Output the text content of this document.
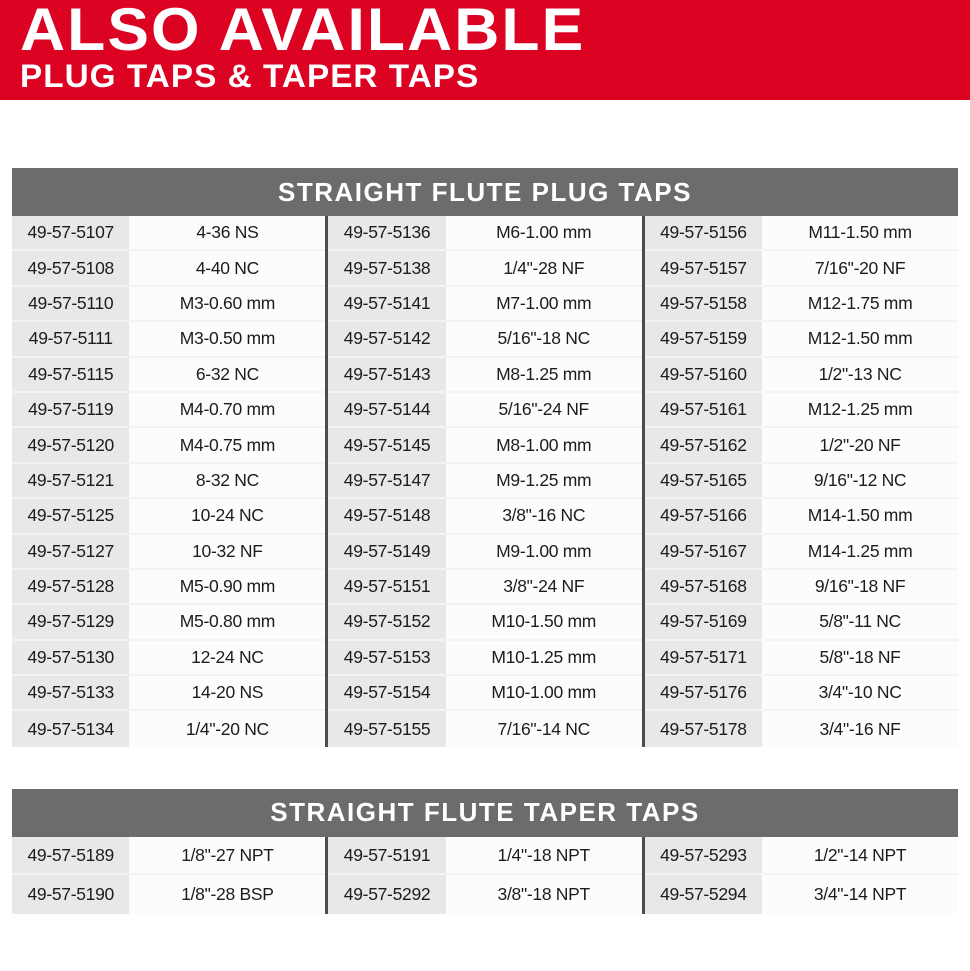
ALSO AVAILABLE
PLUG TAPS & TAPER TAPS
STRAIGHT FLUTE PLUG TAPS
49-57-5107	4-36 NS
49-57-5108	4-40 NC
49-57-5110	M3-0.60 mm
49-57-5111	M3-0.50 mm
49-57-5115	6-32 NC
49-57-5119	M4-0.70 mm
49-57-5120	M4-0.75 mm
49-57-5121	8-32 NC
49-57-5125	10-24 NC
49-57-5127	10-32 NF
49-57-5128	M5-0.90 mm
49-57-5129	M5-0.80 mm
49-57-5130	12-24 NC
49-57-5133	14-20 NS
49-57-5134	1/4"-20 NC
49-57-5136	M6-1.00 mm
49-57-5138	1/4"-28 NF
49-57-5141	M7-1.00 mm
49-57-5142	5/16"-18 NC
49-57-5143	M8-1.25 mm
49-57-5144	5/16"-24 NF
49-57-5145	M8-1.00 mm
49-57-5147	M9-1.25 mm
49-57-5148	3/8"-16 NC
49-57-5149	M9-1.00 mm
49-57-5151	3/8"-24 NF
49-57-5152	M10-1.50 mm
49-57-5153	M10-1.25 mm
49-57-5154	M10-1.00 mm
49-57-5155	7/16"-14 NC
49-57-5156	M11-1.50 mm
49-57-5157	7/16"-20 NF
49-57-5158	M12-1.75 mm
49-57-5159	M12-1.50 mm
49-57-5160	1/2"-13 NC
49-57-5161	M12-1.25 mm
49-57-5162	1/2"-20 NF
49-57-5165	9/16"-12 NC
49-57-5166	M14-1.50 mm
49-57-5167	M14-1.25 mm
49-57-5168	9/16"-18 NF
49-57-5169	5/8"-11 NC
49-57-5171	5/8"-18 NF
49-57-5176	3/4"-10 NC
49-57-5178	3/4"-16 NF
STRAIGHT FLUTE TAPER TAPS
49-57-5189	1/8"-27 NPT
49-57-5190	1/8"-28 BSP
49-57-5191	1/4"-18 NPT
49-57-5292	3/8"-18 NPT
49-57-5293	1/2"-14 NPT
49-57-5294	3/4"-14 NPT
